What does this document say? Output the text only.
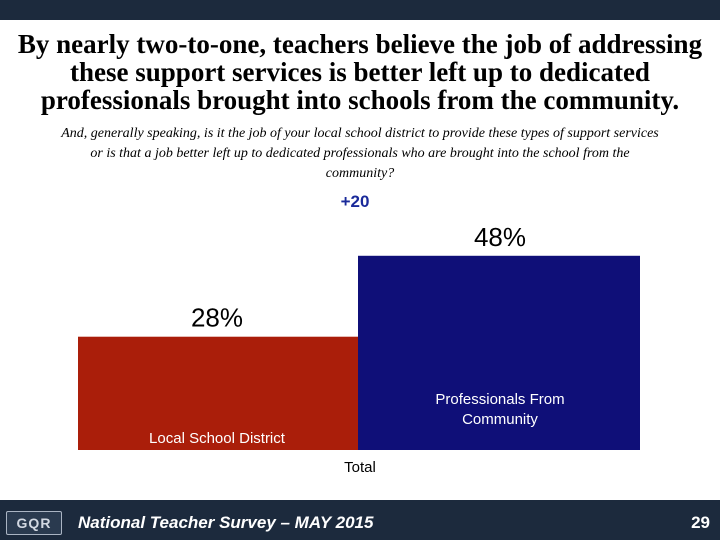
By nearly two-to-one, teachers believe the job of addressing these support services is better left up to dedicated professionals brought into schools from the community.
And, generally speaking, is it the job of your local school district to provide these types of support services or is that a job better left up to dedicated professionals who are brought into the school from the community?
+20
28%
48%
Local School District
Professionals From Community
Total
GQR	National Teacher Survey – MAY 2015	29
